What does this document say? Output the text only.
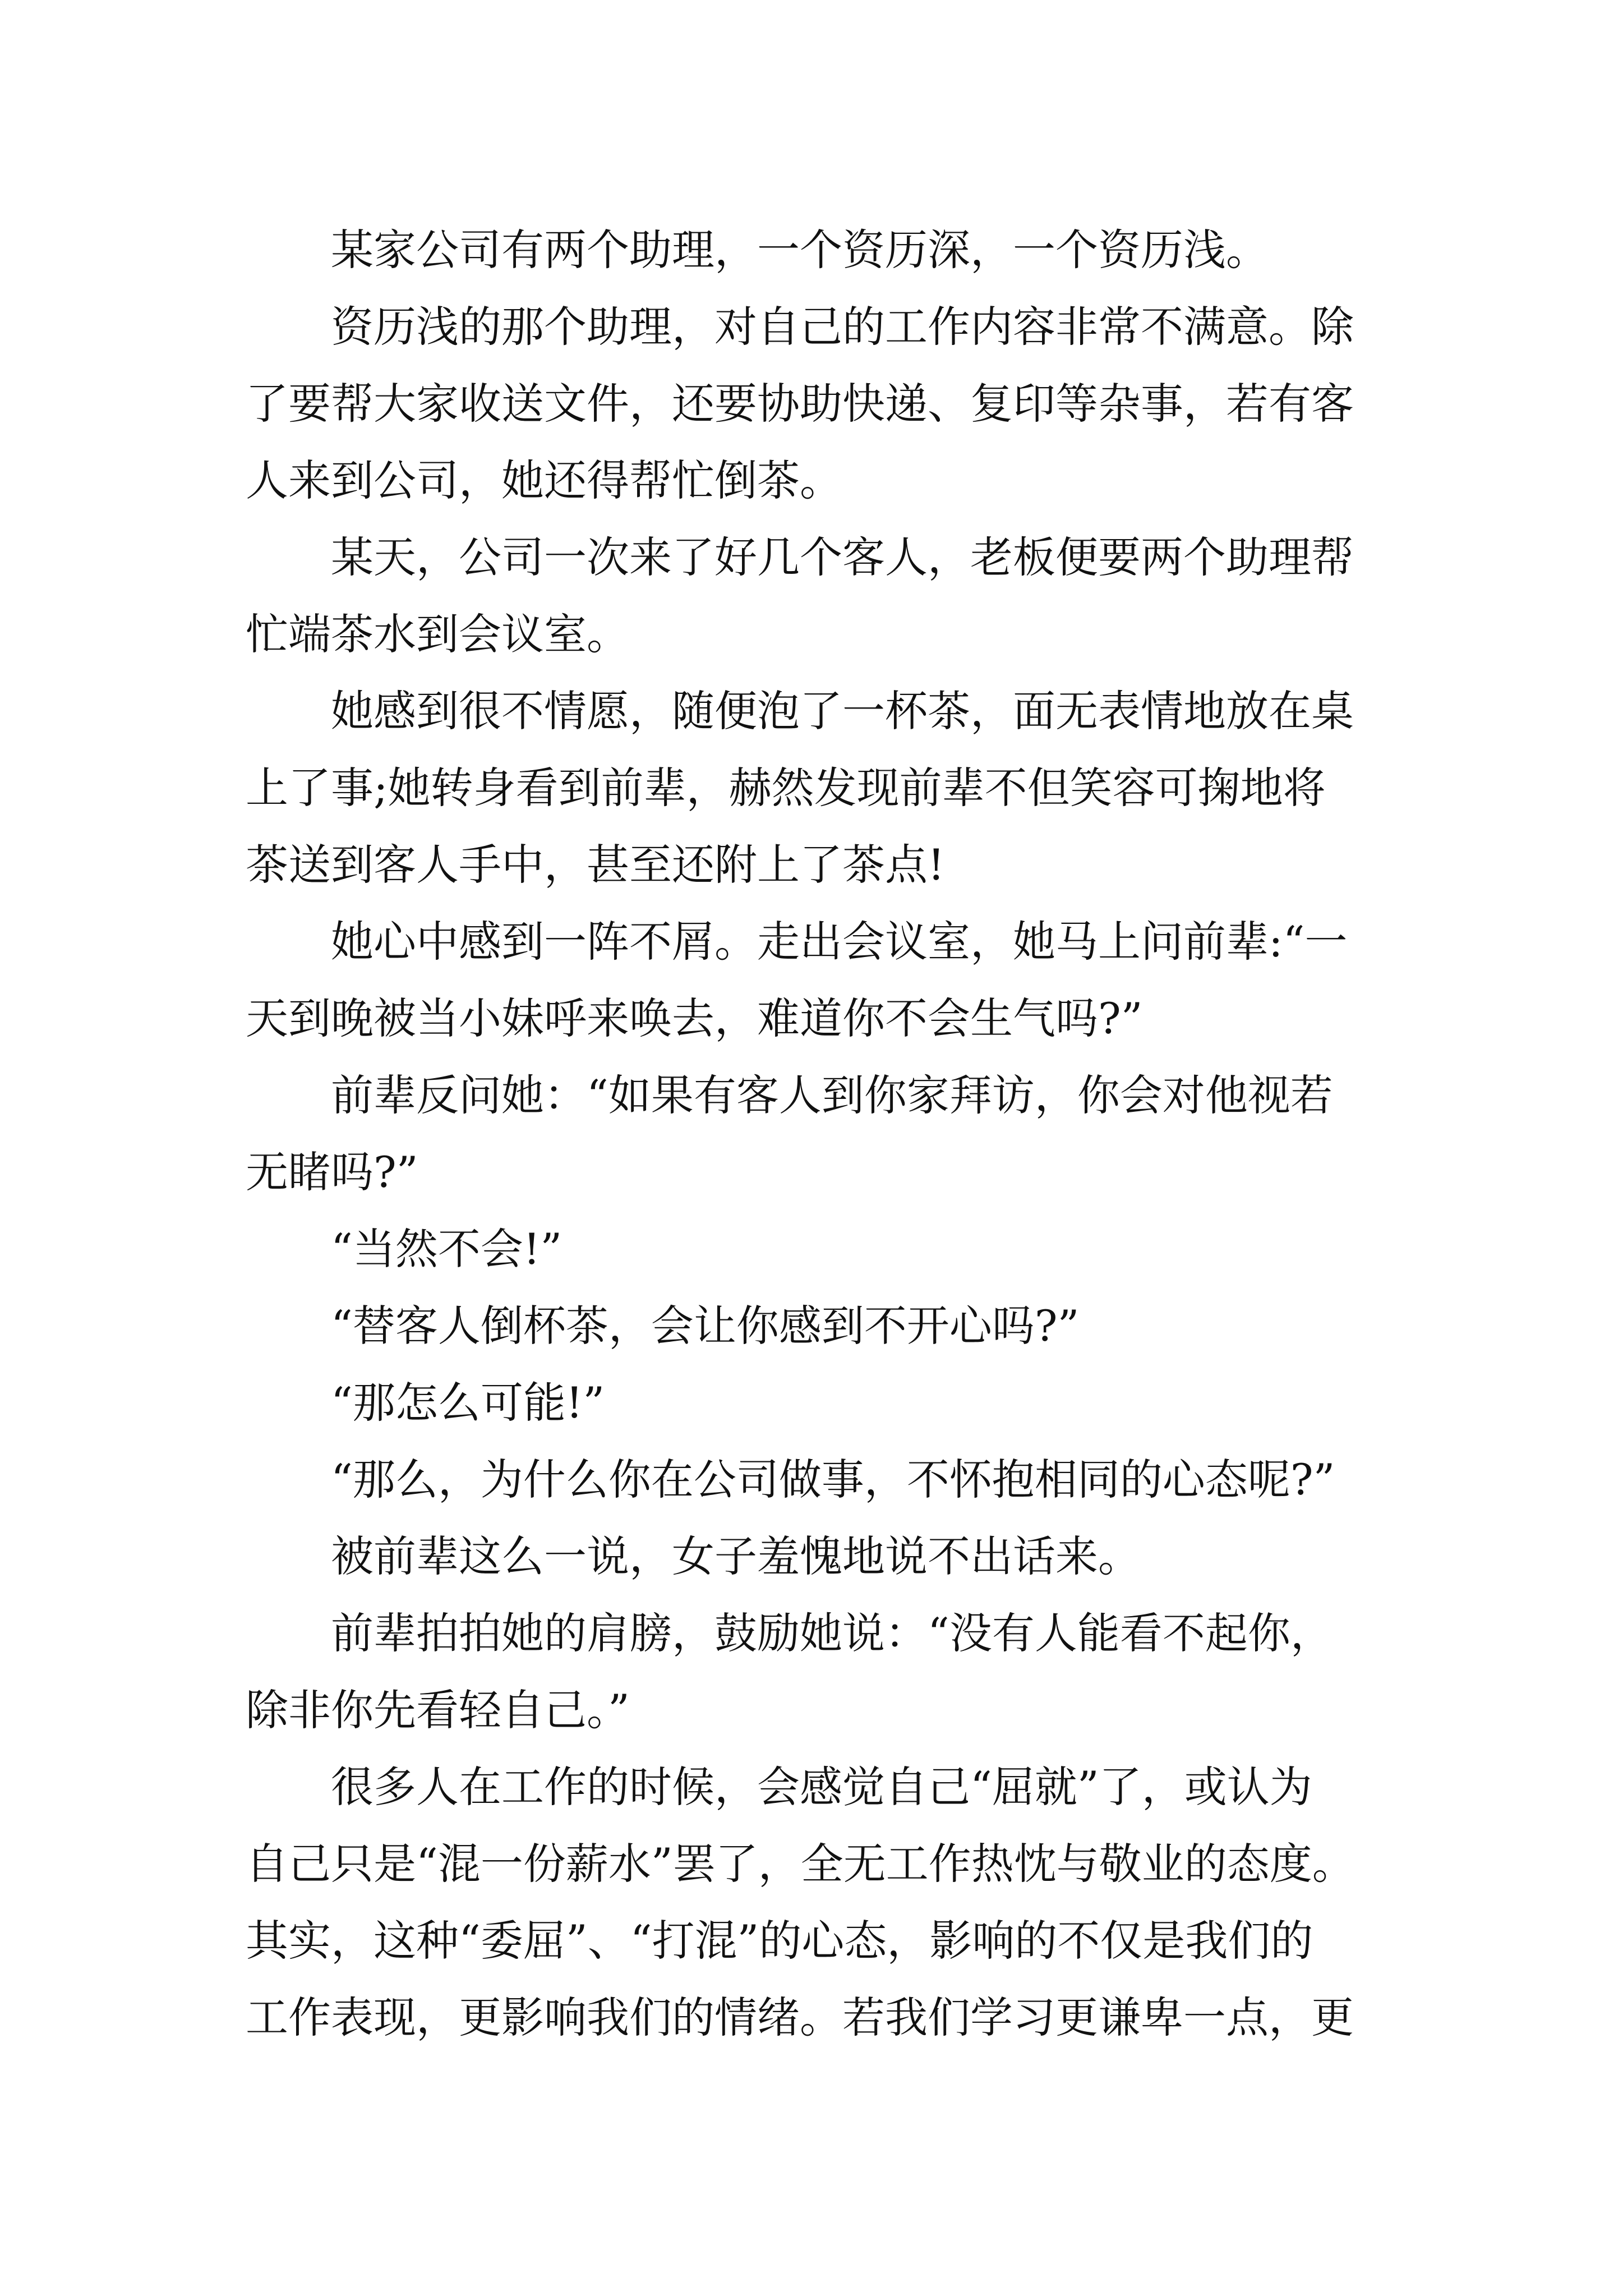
某家公司有两个助理，一个资历深，一个资历浅。
资历浅的那个助理，对自己的工作内容非常不满意。除
了要帮大家收送文件，还要协助快递、复印等杂事，若有客
人来到公司，她还得帮忙倒茶。
某天，公司一次来了好几个客人，老板便要两个助理帮
忙端茶水到会议室。
她感到很不情愿，随便泡了一杯茶，面无表情地放在桌
上了事;她转身看到前辈，赫然发现前辈不但笑容可掬地将
茶送到客人手中，甚至还附上了茶点!
她心中感到一阵不屑。走出会议室，她马上问前辈:“一
天到晚被当小妹呼来唤去，难道你不会生气吗?”
前辈反问她：“如果有客人到你家拜访，你会对他视若
无睹吗?”
“当然不会!”
“替客人倒杯茶，会让你感到不开心吗?”
“那怎么可能!”
“那么，为什么你在公司做事，不怀抱相同的心态呢?”
被前辈这么一说，女子羞愧地说不出话来。
前辈拍拍她的肩膀，鼓励她说：“没有人能看不起你，
除非你先看轻自己。”
很多人在工作的时候，会感觉自己“屈就”了，或认为
自己只是“混一份薪水”罢了，全无工作热忱与敬业的态度。
其实，这种“委屈”、“打混”的心态，影响的不仅是我们的
工作表现，更影响我们的情绪。若我们学习更谦卑一点，更
